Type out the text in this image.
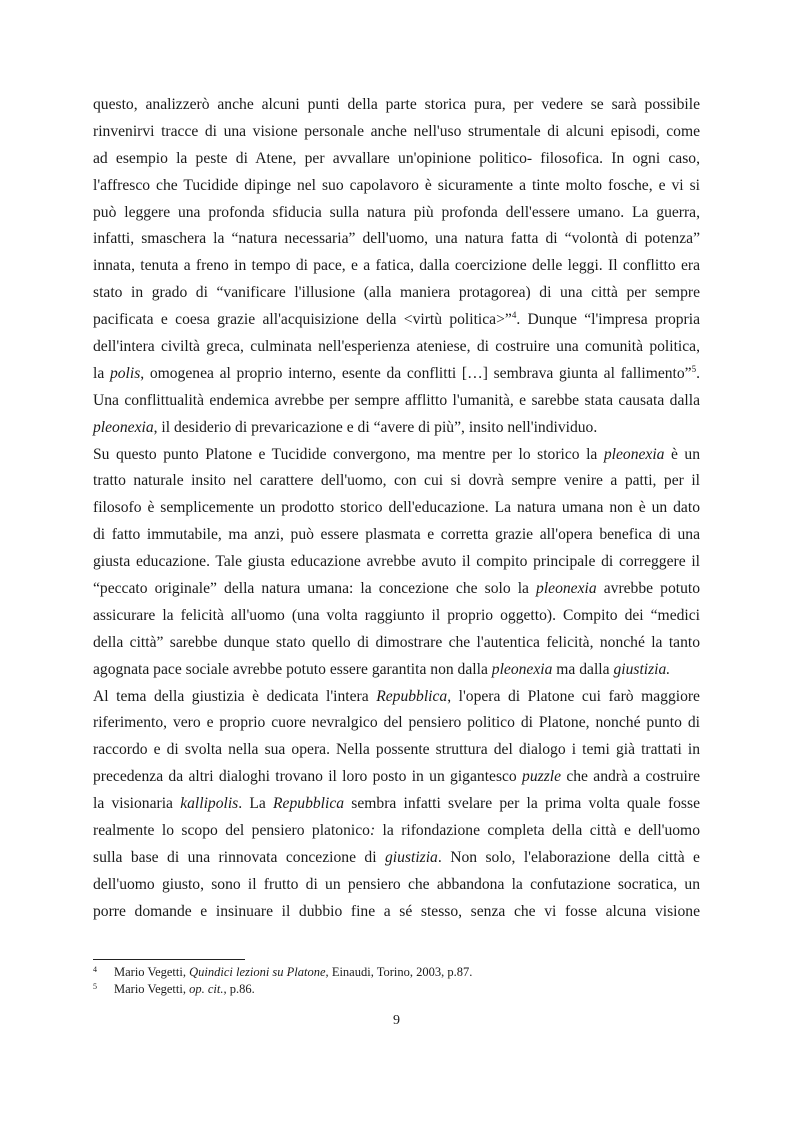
questo, analizzerò anche alcuni punti della parte storica pura, per vedere se sarà possibile
rinvenirvi tracce di una visione personale anche nell'uso strumentale di alcuni episodi, come
ad esempio la peste di Atene, per avvallare un'opinione politico- filosofica. In ogni caso,
l'affresco che Tucidide dipinge nel suo capolavoro è sicuramente a tinte molto fosche, e vi si
può leggere una profonda sfiducia sulla natura più profonda dell'essere umano. La guerra,
infatti, smaschera la “natura necessaria” dell'uomo, una natura fatta di “volontà di potenza”
innata, tenuta a freno in tempo di pace, e a fatica, dalla coercizione delle leggi. Il conflitto era
stato in grado di “vanificare l'illusione (alla maniera protagorea) di una città per sempre
pacificata e coesa grazie all'acquisizione della <virtù politica>”$^4$. Dunque “l'impresa propria
dell'intera civiltà greca, culminata nell'esperienza ateniese, di costruire una comunità politica,
la polis, omogenea al proprio interno, esente da conflitti […] sembrava giunta al fallimento”$^5$.
Una conflittualità endemica avrebbe per sempre afflitto l'umanità, e sarebbe stata causata dalla
pleonexia, il desiderio di prevaricazione e di “avere di più”, insito nell'individuo.
Su questo punto Platone e Tucidide convergono, ma mentre per lo storico la pleonexia è un
tratto naturale insito nel carattere dell'uomo, con cui si dovrà sempre venire a patti, per il
filosofo è semplicemente un prodotto storico dell'educazione. La natura umana non è un dato
di fatto immutabile, ma anzi, può essere plasmata e corretta grazie all'opera benefica di una
giusta educazione. Tale giusta educazione avrebbe avuto il compito principale di correggere il
“peccato originale” della natura umana: la concezione che solo la pleonexia avrebbe potuto
assicurare la felicità all'uomo (una volta raggiunto il proprio oggetto). Compito dei “medici
della città” sarebbe dunque stato quello di dimostrare che l'autentica felicità, nonché la tanto
agognata pace sociale avrebbe potuto essere garantita non dalla pleonexia ma dalla giustizia.
Al tema della giustizia è dedicata l'intera Repubblica, l'opera di Platone cui farò maggiore
riferimento, vero e proprio cuore nevralgico del pensiero politico di Platone, nonché punto di
raccordo e di svolta nella sua opera. Nella possente struttura del dialogo i temi già trattati in
precedenza da altri dialoghi trovano il loro posto in un gigantesco puzzle che andrà a costruire
la visionaria kallipolis. La Repubblica sembra infatti svelare per la prima volta quale fosse
realmente lo scopo del pensiero platonico: la rifondazione completa della città e dell'uomo
sulla base di una rinnovata concezione di giustizia. Non solo, l'elaborazione della città e
dell'uomo giusto, sono il frutto di un pensiero che abbandona la confutazione socratica, un
porre domande e insinuare il dubbio fine a sé stesso, senza che vi fosse alcuna visione
4 Mario Vegetti, Quindici lezioni su Platone, Einaudi, Torino, 2003, p.87.
5 Mario Vegetti, op. cit., p.86.
9
